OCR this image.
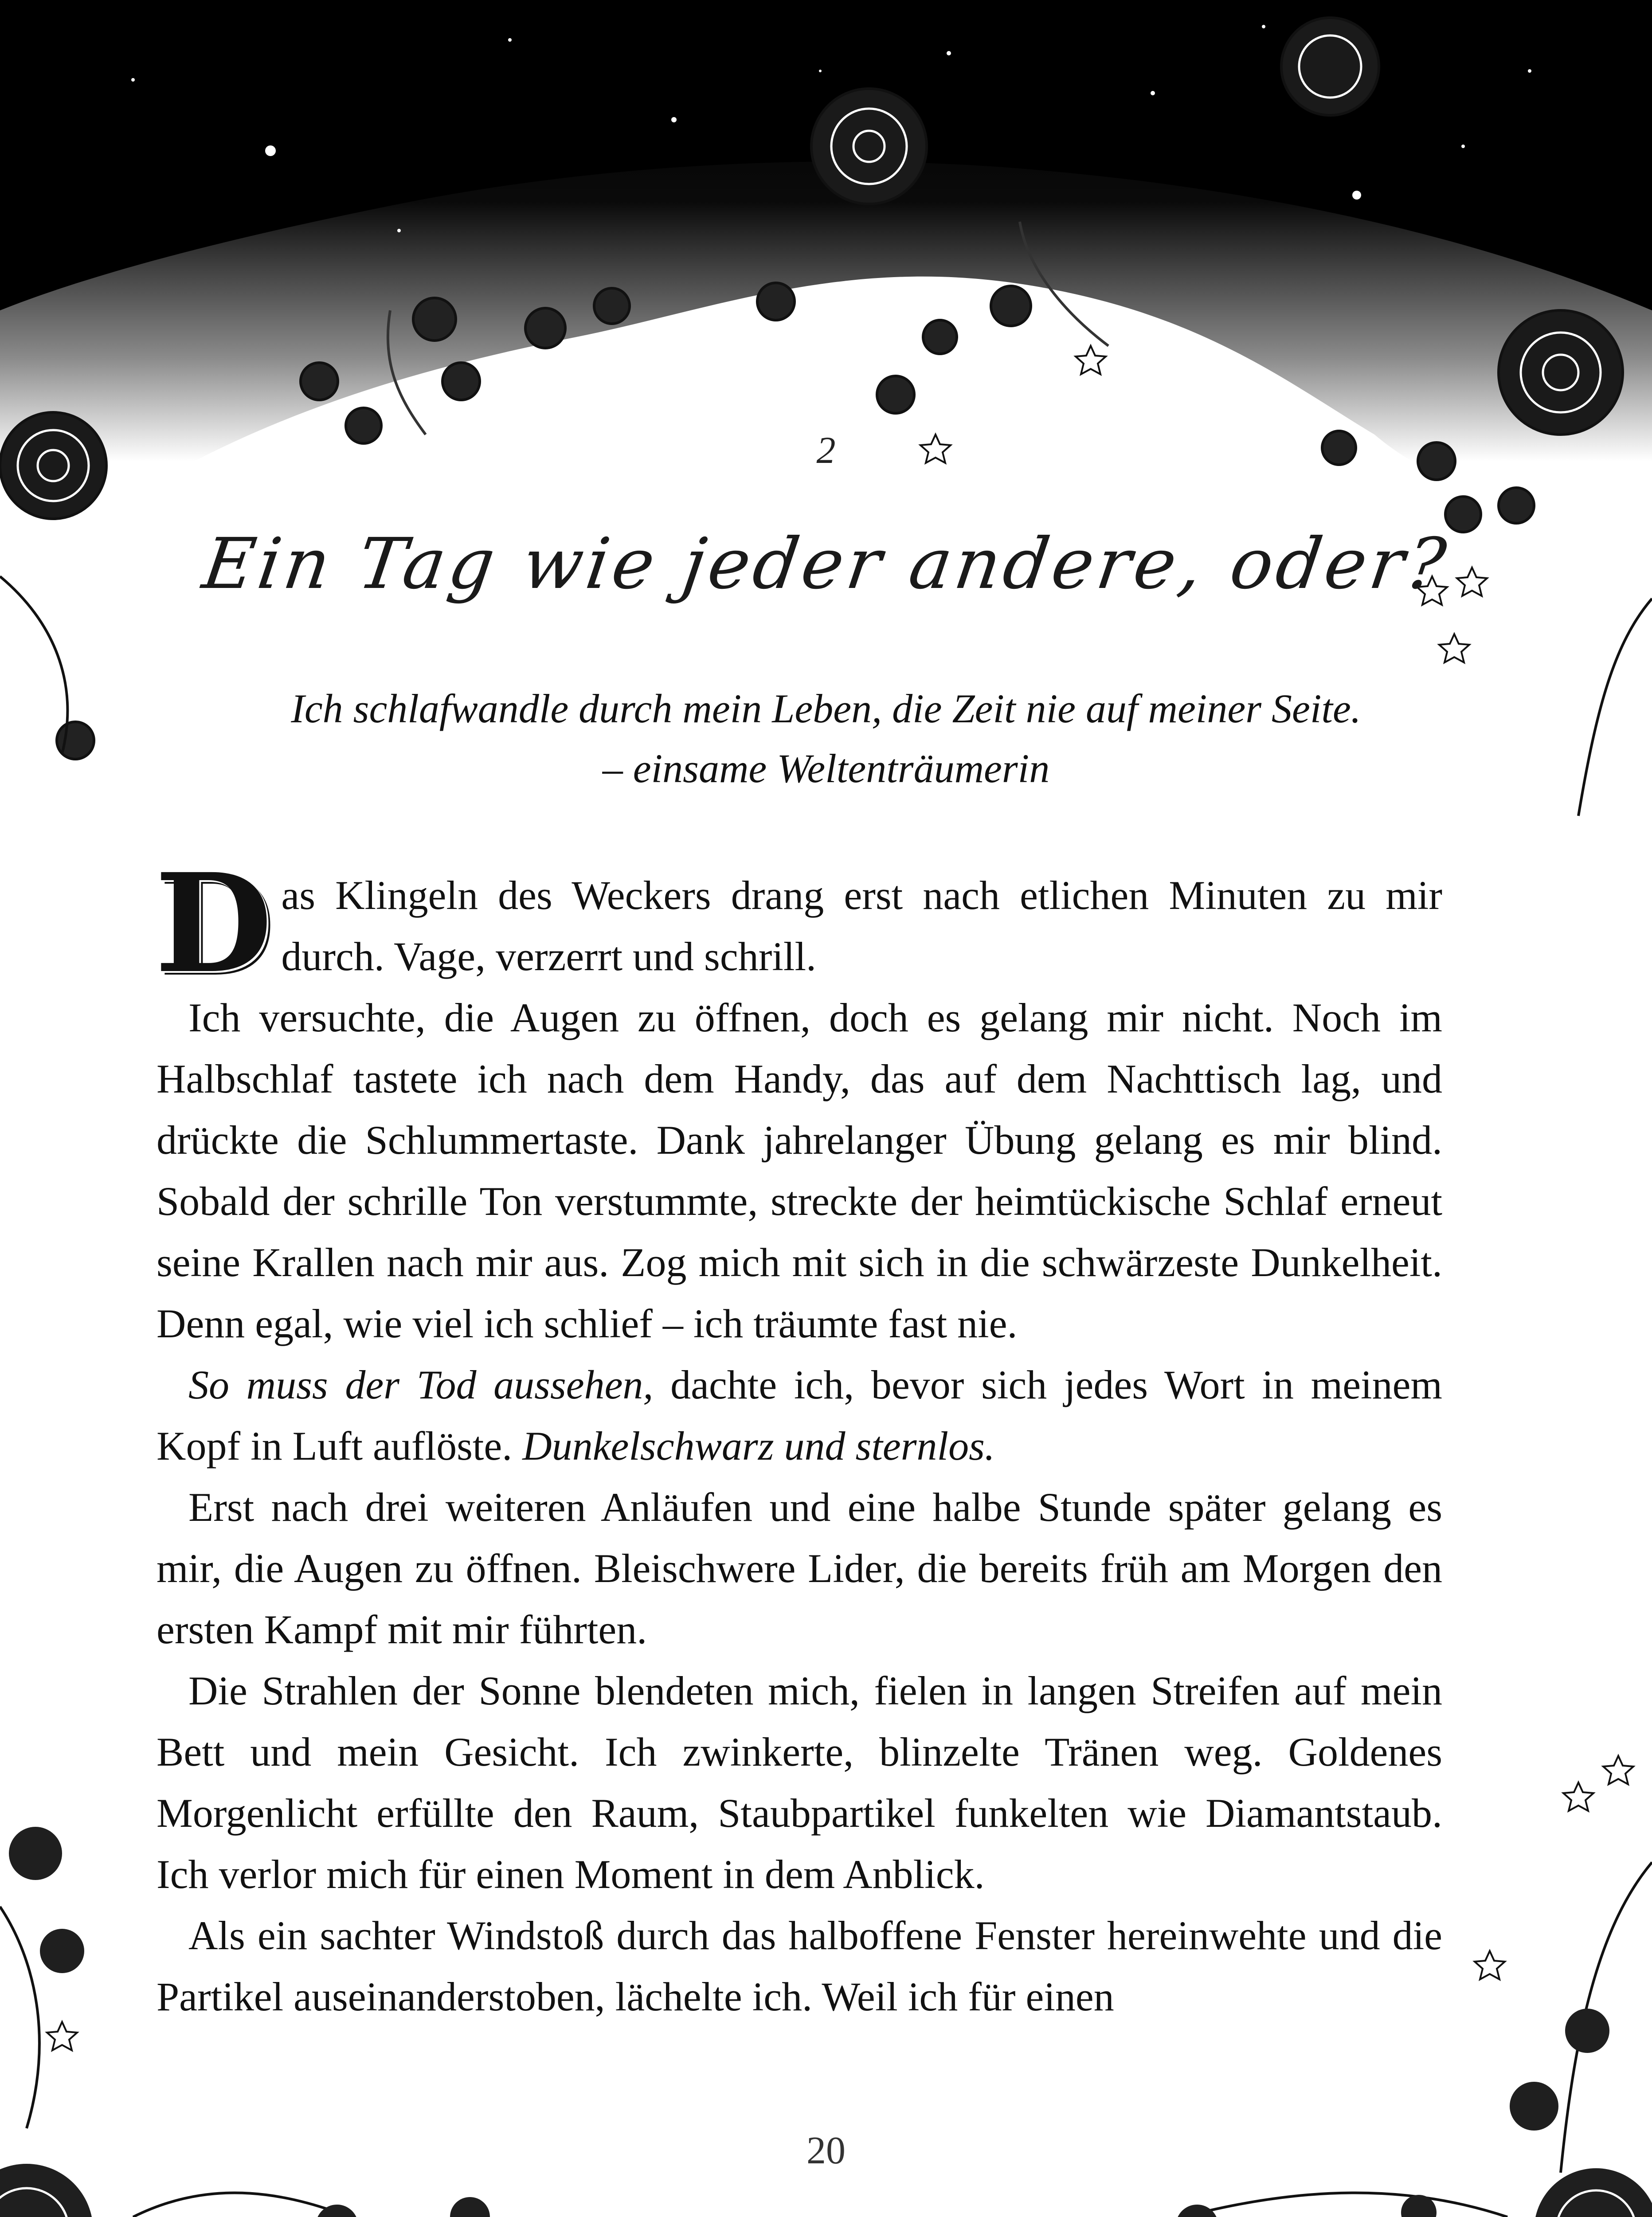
2
Ein Tag wie jeder andere, oder?
Ich schlafwandle durch mein Leben, die Zeit nie auf meiner Seite.
– einsame Weltenträumerin

Das Klingeln des Weckers drang erst nach etlichen Minuten zu mir durch. Vage, verzerrt und schrill.

Ich versuchte, die Augen zu öffnen, doch es gelang mir nicht. Noch im Halbschlaf tastete ich nach dem Handy, das auf dem Nachttisch lag, und drückte die Schlummertaste. Dank jahrelanger Übung gelang es mir blind. Sobald der schrille Ton verstummte, streckte der heimtückische Schlaf erneut seine Krallen nach mir aus. Zog mich mit sich in die schwärzeste Dunkelheit. Denn egal, wie viel ich schlief – ich träumte fast nie.

So muss der Tod aussehen, dachte ich, bevor sich jedes Wort in meinem Kopf in Luft auflöste. Dunkelschwarz und sternlos.

Erst nach drei weiteren Anläufen und eine halbe Stunde später gelang es mir, die Augen zu öffnen. Bleischwere Lider, die bereits früh am Morgen den ersten Kampf mit mir führten.

Die Strahlen der Sonne blendeten mich, fielen in langen Streifen auf mein Bett und mein Gesicht. Ich zwinkerte, blinzelte Tränen weg. Goldenes Morgenlicht erfüllte den Raum, Staubpartikel funkelten wie Diamantstaub. Ich verlor mich für einen Moment in dem Anblick.

Als ein sachter Windstoß durch das halboffene Fenster hereinwehte und die Partikel auseinanderstoben, lächelte ich. Weil ich für einen

20
